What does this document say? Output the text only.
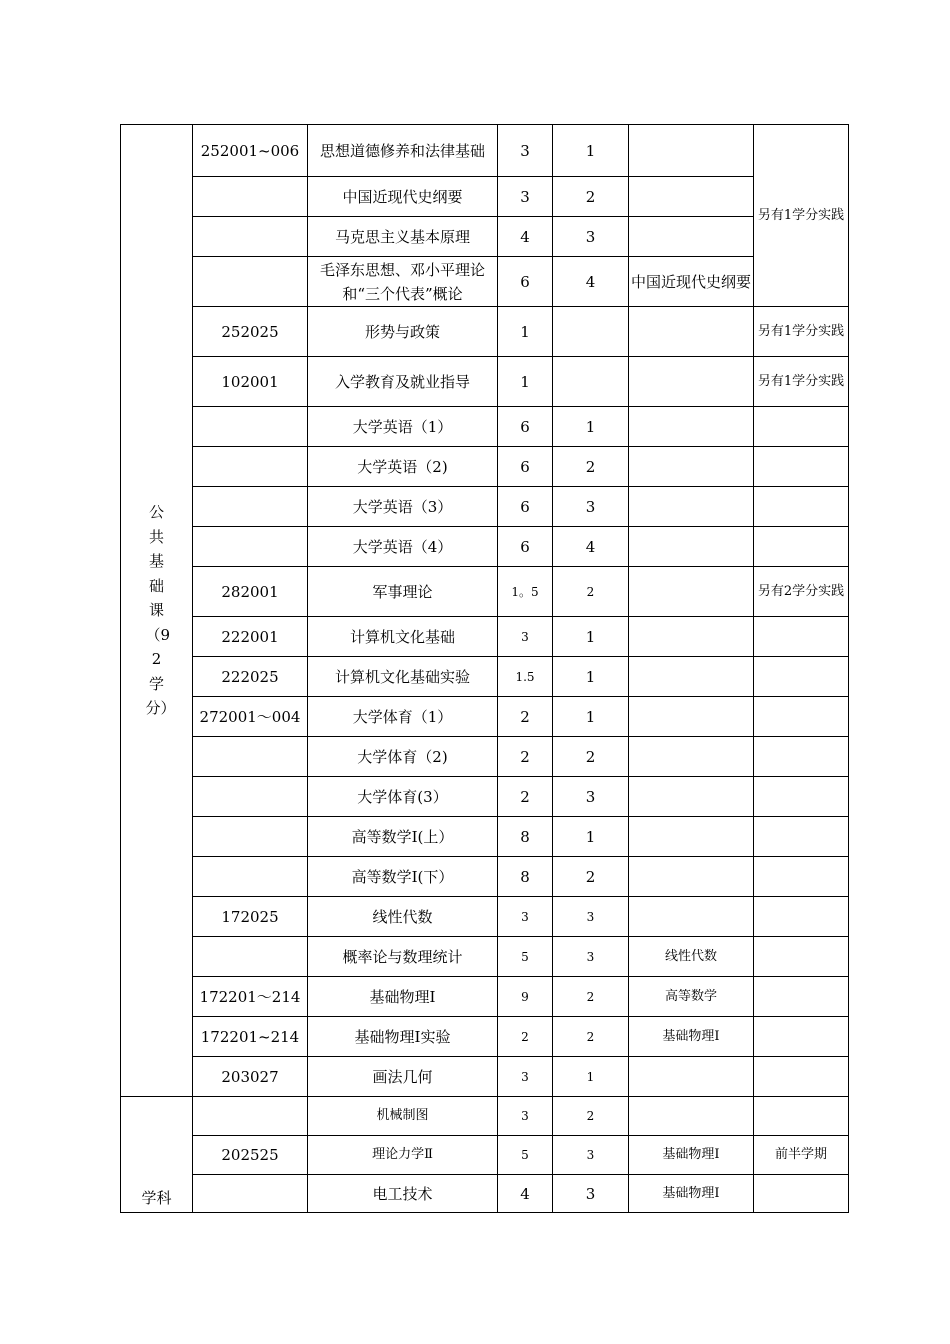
公共基础课（92学分）	252001~006	思想道德修养和法律基础	3	1		另有1学分实践
		中国近现代史纲要	3	2		
		马克思主义基本原理	4	3		
		毛泽东思想、邓小平理论和“三个代表”概论	6	4	中国近现代史纲要	
	252025	形势与政策	1			另有1学分实践
	102001	入学教育及就业指导	1			另有1学分实践
		大学英语（1）	6	1		
		大学英语（2)	6	2		
		大学英语（3）	6	3		
		大学英语（4）	6	4		
	282001	军事理论	1。5	2		另有2学分实践
	222001	计算机文化基础	3	1		
	222025	计算机文化基础实验	1.5	1		
	272001～004	大学体育（1）	2	1		
		大学体育（2)	2	2		
		大学体育(3）	2	3		
		高等数学Ⅰ(上）	8	1		
		高等数学Ⅰ(下）	8	2		
	172025	线性代数	3	3		
		概率论与数理统计	5	3	线性代数	
	172201～214	基础物理Ⅰ	9	2	高等数学	
	172201~214	基础物理Ⅰ实验	2	2	基础物理Ⅰ	
	203027	画法几何	3	1		
学科		机械制图	3	2		
	202525	理论力学Ⅱ	5	3	基础物理Ⅰ	前半学期
		电工技术	4	3	基础物理Ⅰ	
